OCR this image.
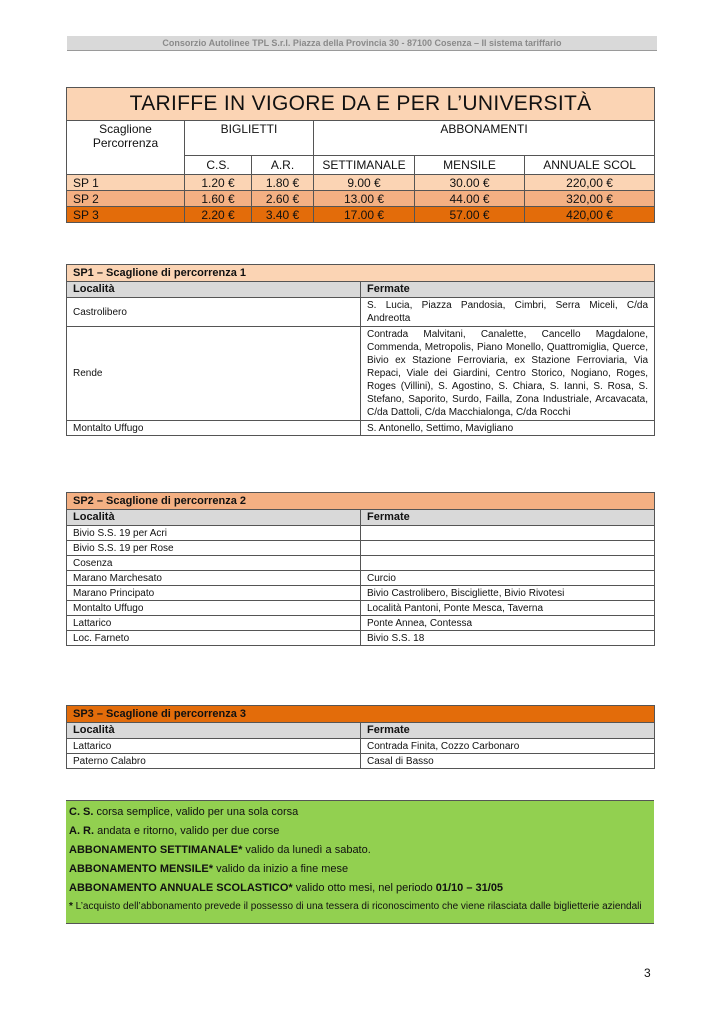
Consorzio Autolinee TPL S.r.l. Piazza della Provincia 30 - 87100 Cosenza – Il sistema tariffario
TARIFFE IN VIGORE DA E PER L’UNIVERSITÀ					
Scaglione Percorrenza	BIGLIETTI		ABBONAMENTI		
	C.S.	A.R.	SETTIMANALE	MENSILE	ANNUALE SCOL
SP 1	1.20 €	1.80 €	9.00 €	30.00 €	220,00 €
SP 2	1.60 €	2.60 €	13.00 €	44.00 €	320,00 €
SP 3	2.20 €	3.40 €	17.00 €	57.00 €	420,00 €
SP1 – Scaglione di percorrenza 1	
Località	Fermate
Castrolibero	S. Lucia, Piazza Pandosia, Cimbri, Serra Miceli, C/da Andreotta
Rende	Contrada Malvitani, Canalette, Cancello Magdalone, Commenda, Metropolis, Piano Monello, Quattromiglia, Querce, Bivio ex Stazione Ferroviaria, ex Stazione Ferroviaria, Via Repaci, Viale dei Giardini, Centro Storico, Nogiano, Roges, Roges (Villini), S. Agostino, S. Chiara, S. Ianni, S. Rosa, S. Stefano, Saporito, Surdo, Failla, Zona Industriale, Arcavacata, C/da Dattoli, C/da Macchialonga, C/da Rocchi
Montalto Uffugo	S. Antonello, Settimo, Mavigliano
SP2 – Scaglione di percorrenza 2	
Località	Fermate
Bivio S.S. 19 per Acri	
Bivio S.S. 19 per Rose	
Cosenza	
Marano Marchesato	Curcio
Marano Principato	Bivio Castrolibero, Biscigliette, Bivio Rivotesi
Montalto Uffugo	Località Pantoni, Ponte Mesca, Taverna
Lattarico	Ponte Annea, Contessa
Loc. Farneto	Bivio S.S. 18
SP3 – Scaglione di percorrenza 3	
Località	Fermate
Lattarico	Contrada Finita, Cozzo Carbonaro
Paterno Calabro	Casal di Basso
C. S. corsa semplice, valido per una sola corsa
A. R. andata e ritorno, valido per due corse
ABBONAMENTO SETTIMANALE* valido da lunedì a sabato.
ABBONAMENTO MENSILE* valido da inizio a fine mese
ABBONAMENTO ANNUALE SCOLASTICO* valido otto mesi, nel periodo 01/10 – 31/05
* L’acquisto dell’abbonamento prevede il possesso di una tessera di riconoscimento che viene rilasciata dalle biglietterie aziendali
3
